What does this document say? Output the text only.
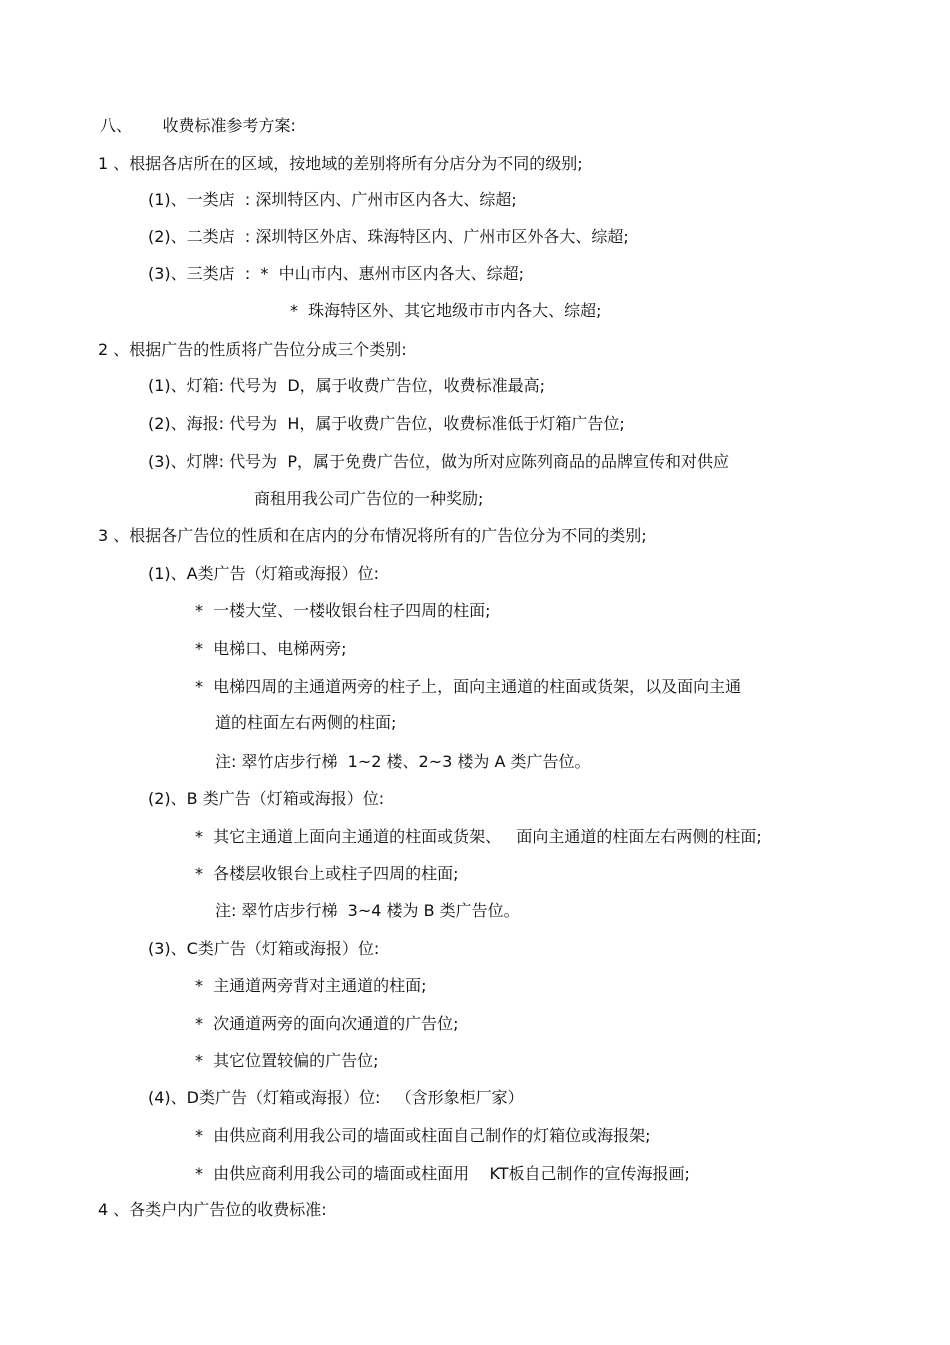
八、      收费标准参考方案:
1 、根据各店所在的区域，按地域的差别将所有分店分为不同的级别;
(1)、一类店  : 深圳特区内、广州市区内各大、综超;
(2)、二类店  : 深圳特区外店、珠海特区内、广州市区外各大、综超;
(3)、三类店  :  *  中山市内、惠州市区内各大、综超;
*  珠海特区外、其它地级市市内各大、综超;
2 、根据广告的性质将广告位分成三个类别:
(1)、灯箱: 代号为  D，属于收费广告位，收费标准最高;
(2)、海报: 代号为  H，属于收费广告位，收费标准低于灯箱广告位;
(3)、灯牌: 代号为  P，属于免费广告位，做为所对应陈列商品的品牌宣传和对供应
商租用我公司广告位的一种奖励;
3 、根据各广告位的性质和在店内的分布情况将所有的广告位分为不同的类别;
(1)、A类广告（灯箱或海报）位:
*  一楼大堂、一楼收银台柱子四周的柱面;
*  电梯口、电梯两旁;
*  电梯四周的主通道两旁的柱子上，面向主通道的柱面或货架，以及面向主通
道的柱面左右两侧的柱面;
注: 翠竹店步行梯  1~2 楼、2~3 楼为 A 类广告位。
(2)、B 类广告（灯箱或海报）位:
*  其它主通道上面向主通道的柱面或货架、   面向主通道的柱面左右两侧的柱面;
*  各楼层收银台上或柱子四周的柱面;
注: 翠竹店步行梯  3~4 楼为 B 类广告位。
(3)、C类广告（灯箱或海报）位:
*  主通道两旁背对主通道的柱面;
*  次通道两旁的面向次通道的广告位;
*  其它位置较偏的广告位;
(4)、D类广告（灯箱或海报）位:   （含形象柜厂家）
*  由供应商利用我公司的墙面或柱面自己制作的灯箱位或海报架;
*  由供应商利用我公司的墙面或柱面用    KT板自己制作的宣传海报画;
4 、各类户内广告位的收费标准:
